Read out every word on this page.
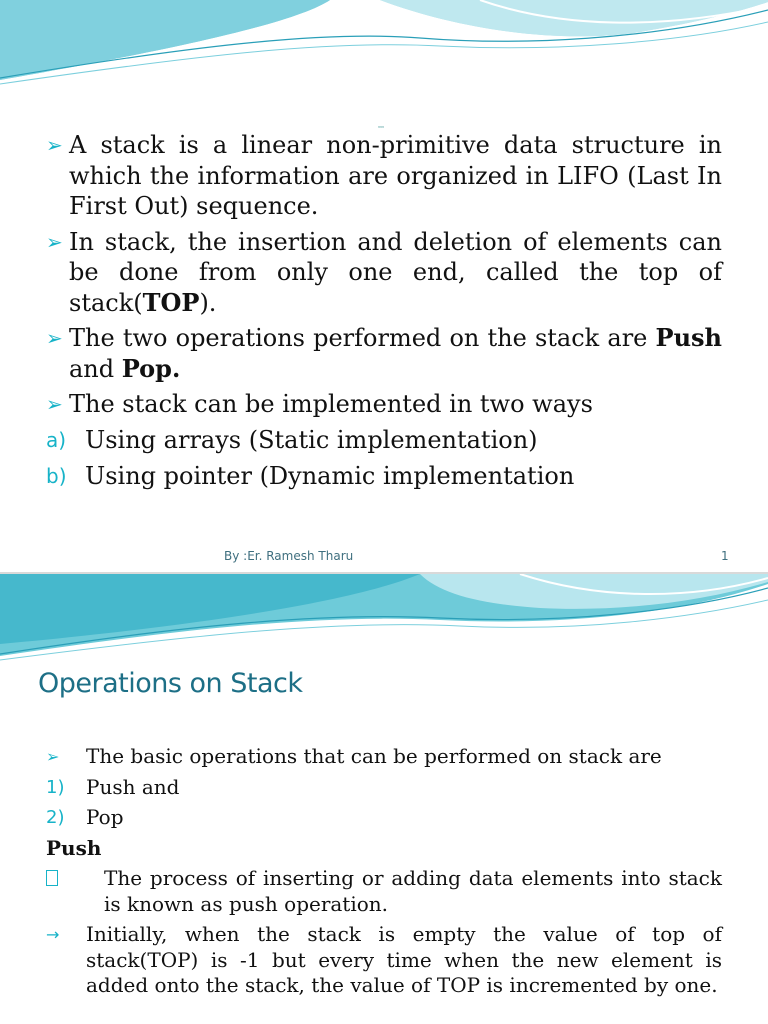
₈₈₈
➢ A stack is a linear non-primitive data structure in which the information are organized in LIFO (Last In First Out) sequence.
➢ In stack, the insertion and deletion of elements can be done from only one end, called the top of stack(TOP).
➢ The two operations performed on the stack are Push and Pop.
➢ The stack can be implemented in two ways
a) Using arrays (Static implementation)
b) Using pointer (Dynamic implementation
By :Er. Ramesh Tharu	1
Operations on Stack
➢ The basic operations that can be performed on stack are
1) Push and
2) Pop
Push
The process of inserting or adding data elements into stack is known as push operation.
→ Initially, when the stack is empty the value of top of stack(TOP) is -1 but every time when the new element is added onto the stack, the value of TOP is incremented by one.
